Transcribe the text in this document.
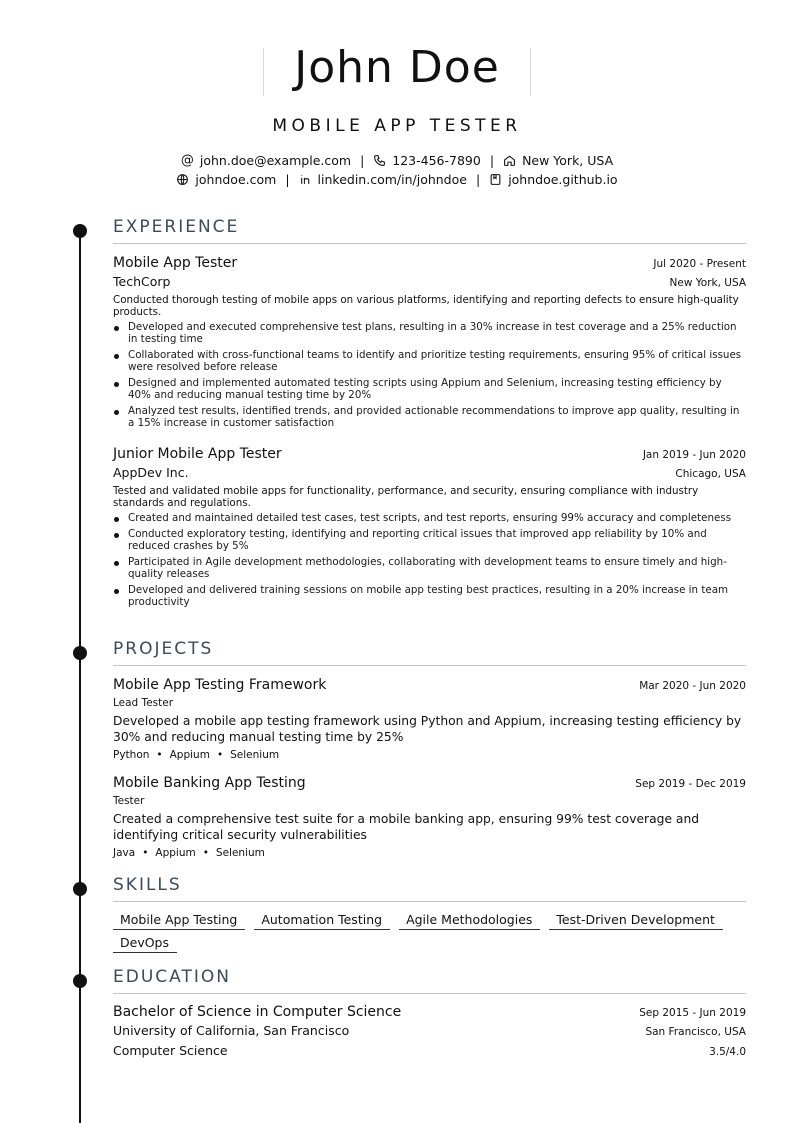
John Doe
MOBILE APP TESTER
@ john.doe@example.com | 123-456-7890 | New York, USA
johndoe.com | linkedin.com/in/johndoe | johndoe.github.io
EXPERIENCE
Mobile App Tester	Jul 2020 - Present
TechCorp	New York, USA
Conducted thorough testing of mobile apps on various platforms, identifying and reporting defects to ensure high-quality products.
Developed and executed comprehensive test plans, resulting in a 30% increase in test coverage and a 25% reduction in testing time
Collaborated with cross-functional teams to identify and prioritize testing requirements, ensuring 95% of critical issues were resolved before release
Designed and implemented automated testing scripts using Appium and Selenium, increasing testing efficiency by 40% and reducing manual testing time by 20%
Analyzed test results, identified trends, and provided actionable recommendations to improve app quality, resulting in a 15% increase in customer satisfaction
Junior Mobile App Tester	Jan 2019 - Jun 2020
AppDev Inc.	Chicago, USA
Tested and validated mobile apps for functionality, performance, and security, ensuring compliance with industry standards and regulations.
Created and maintained detailed test cases, test scripts, and test reports, ensuring 99% accuracy and completeness
Conducted exploratory testing, identifying and reporting critical issues that improved app reliability by 10% and reduced crashes by 5%
Participated in Agile development methodologies, collaborating with development teams to ensure timely and high-quality releases
Developed and delivered training sessions on mobile app testing best practices, resulting in a 20% increase in team productivity
PROJECTS
Mobile App Testing Framework	Mar 2020 - Jun 2020
Lead Tester
Developed a mobile app testing framework using Python and Appium, increasing testing efficiency by 30% and reducing manual testing time by 25%
Python • Appium • Selenium
Mobile Banking App Testing	Sep 2019 - Dec 2019
Tester
Created a comprehensive test suite for a mobile banking app, ensuring 99% test coverage and identifying critical security vulnerabilities
Java • Appium • Selenium
SKILLS
Mobile App Testing	Automation Testing	Agile Methodologies	Test-Driven Development
DevOps
EDUCATION
Bachelor of Science in Computer Science	Sep 2015 - Jun 2019
University of California, San Francisco	San Francisco, USA
Computer Science	3.5/4.0
